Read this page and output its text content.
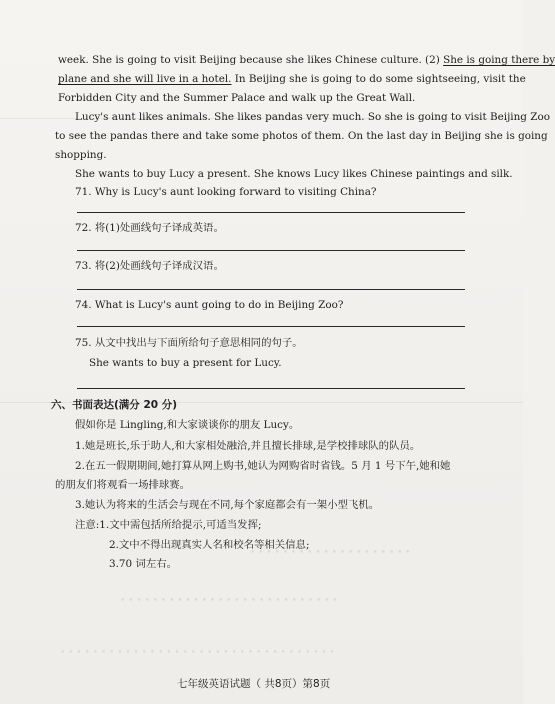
• • • • • • • • • • • • • • • • • • • •
• • • • • • • • • • • • • • • • • • • • • • • • • • •
• • • • • • • • • • • • • • • • • • • • • • • • • • • • • • • • • •
week. She is going to visit Beijing because she likes Chinese culture. (2) She is going there by
plane and she will live in a hotel. In Beijing she is going to do some sightseeing, visit the
Forbidden City and the Summer Palace and walk up the Great Wall.
Lucy's aunt likes animals. She likes pandas very much. So she is going to visit Beijing Zoo
to see the pandas there and take some photos of them. On the last day in Beijing she is going
shopping.
She wants to buy Lucy a present. She knows Lucy likes Chinese paintings and silk.
71. Why is Lucy's aunt looking forward to visiting China?
72. 将(1)处画线句子译成英语。
73. 将(2)处画线句子译成汉语。
74. What is Lucy's aunt going to do in Beijing Zoo?
75. 从文中找出与下面所给句子意思相同的句子。
She wants to buy a present for Lucy.
六、书面表达(满分 20 分)
假如你是 Lingling,和大家谈谈你的朋友 Lucy。
1.她是班长,乐于助人,和大家相处融洽,并且擅长排球,是学校排球队的队员。
2.在五一假期期间,她打算从网上购书,她认为网购省时省钱。5 月 1 号下午,她和她
的朋友们将观看一场排球赛。
3.她认为将来的生活会与现在不同,每个家庭都会有一架小型飞机。
注意:1.文中需包括所给提示,可适当发挥;
2.文中不得出现真实人名和校名等相关信息;
3.70 词左右。
七年级英语试题（ 共8页）第8页
